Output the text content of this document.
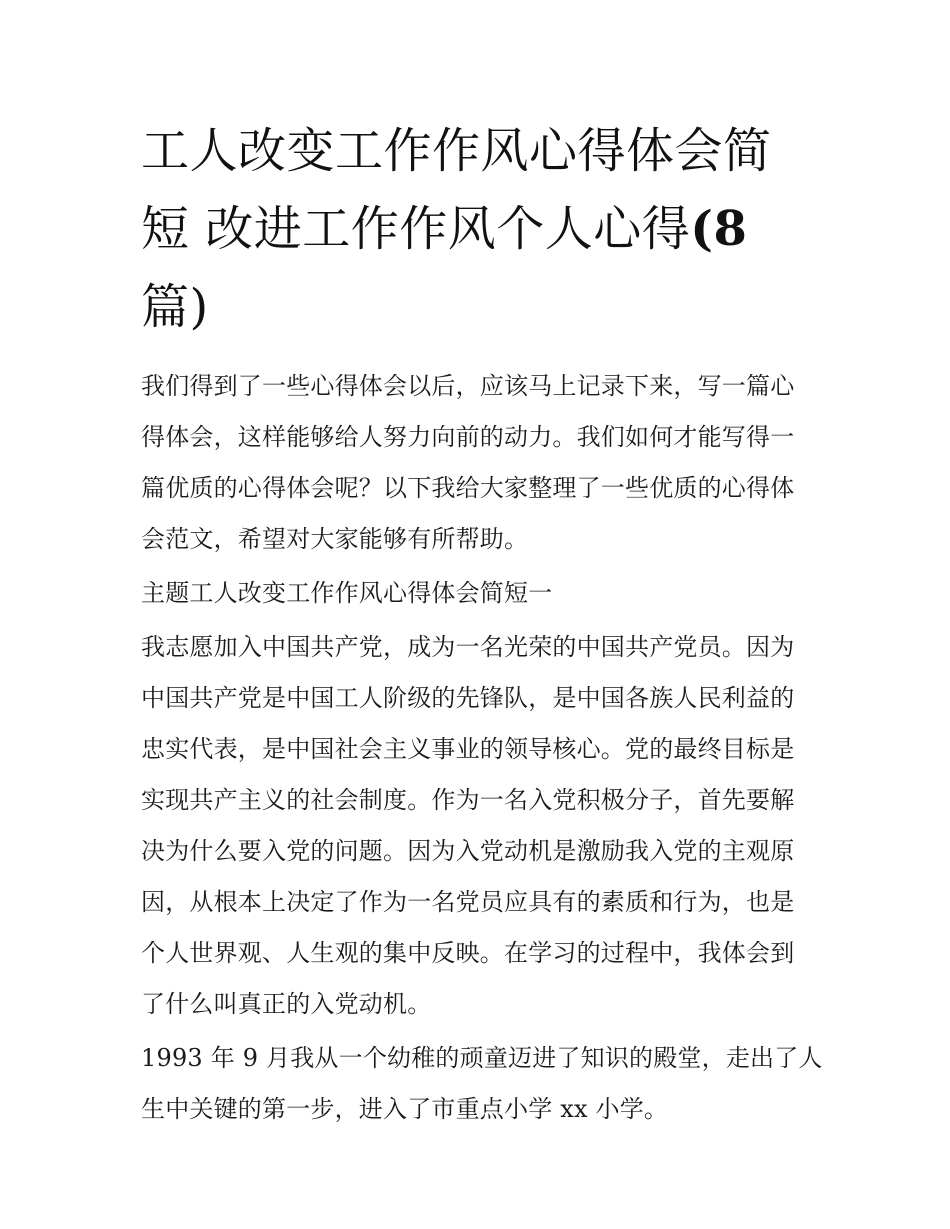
工人改变工作作风心得体会简
短 改进工作作风个人心得(8
篇)

我们得到了一些心得体会以后，应该马上记录下来，写一篇心
得体会，这样能够给人努力向前的动力。我们如何才能写得一
篇优质的心得体会呢？以下我给大家整理了一些优质的心得体
会范文，希望对大家能够有所帮助。

主题工人改变工作作风心得体会简短一

我志愿加入中国共产党，成为一名光荣的中国共产党员。因为
中国共产党是中国工人阶级的先锋队，是中国各族人民利益的
忠实代表，是中国社会主义事业的领导核心。党的最终目标是
实现共产主义的社会制度。作为一名入党积极分子，首先要解
决为什么要入党的问题。因为入党动机是激励我入党的主观原
因，从根本上决定了作为一名党员应具有的素质和行为，也是
个人世界观、人生观的集中反映。在学习的过程中，我体会到
了什么叫真正的入党动机。

1993 年 9 月我从一个幼稚的顽童迈进了知识的殿堂，走出了人
生中关键的第一步，进入了市重点小学 xx 小学。
